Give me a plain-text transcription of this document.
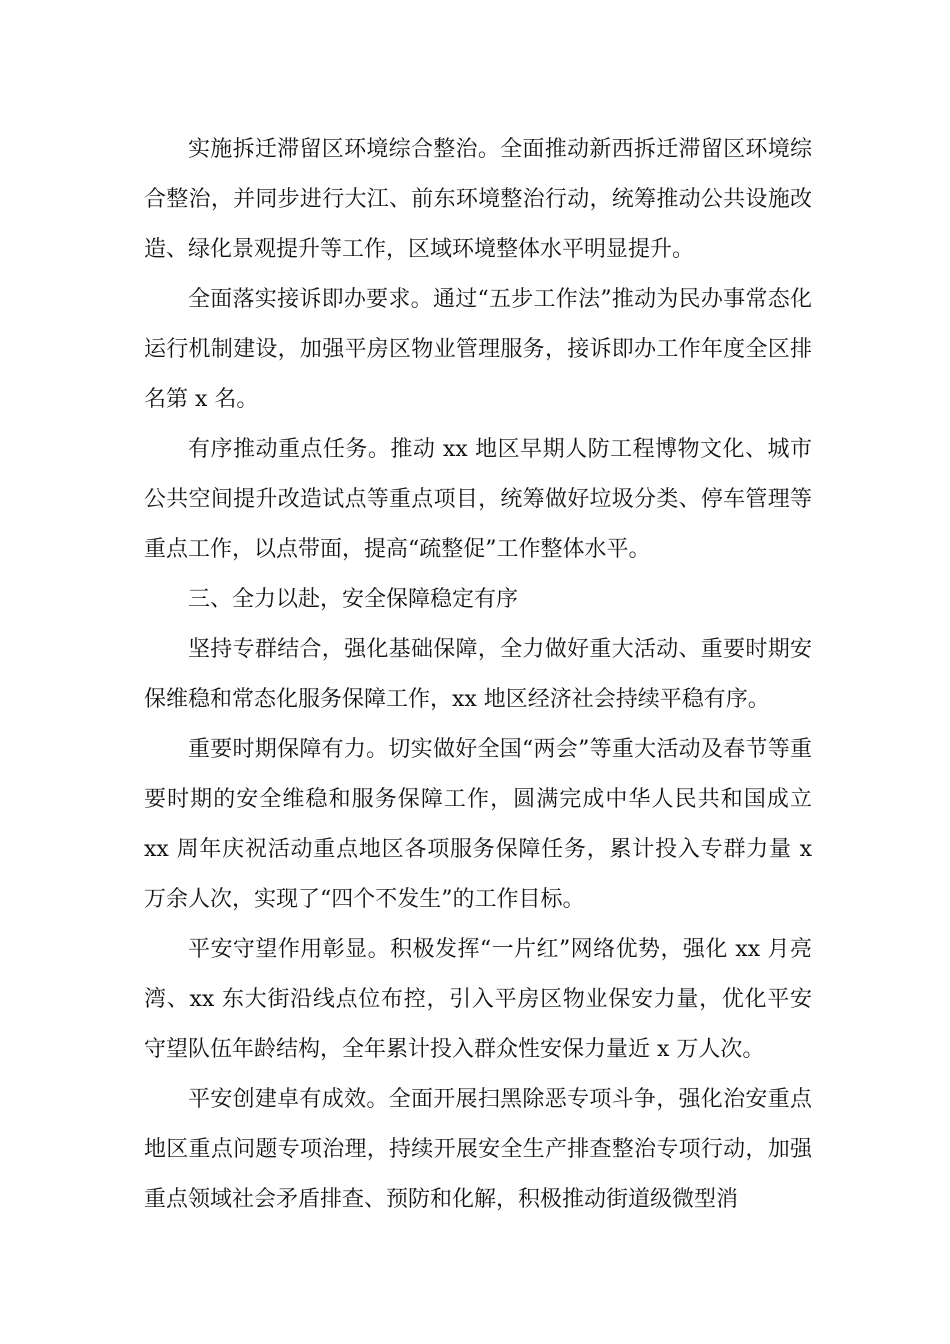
实施拆迁滞留区环境综合整治。全面推动新西拆迁滞留区环境综合整治，并同步进行大江、前东环境整治行动，统筹推动公共设施改造、绿化景观提升等工作，区域环境整体水平明显提升。

全面落实接诉即办要求。通过“五步工作法”推动为民办事常态化运行机制建设，加强平房区物业管理服务，接诉即办工作年度全区排名第 x 名。

有序推动重点任务。推动 xx 地区早期人防工程博物文化、城市公共空间提升改造试点等重点项目，统筹做好垃圾分类、停车管理等重点工作，以点带面，提高“疏整促”工作整体水平。

三、全力以赴，安全保障稳定有序

坚持专群结合，强化基础保障，全力做好重大活动、重要时期安保维稳和常态化服务保障工作，xx 地区经济社会持续平稳有序。

重要时期保障有力。切实做好全国“两会”等重大活动及春节等重要时期的安全维稳和服务保障工作，圆满完成中华人民共和国成立 xx 周年庆祝活动重点地区各项服务保障任务，累计投入专群力量 x 万余人次，实现了“四个不发生”的工作目标。

平安守望作用彰显。积极发挥“一片红”网络优势，强化 xx 月亮湾、xx 东大街沿线点位布控，引入平房区物业保安力量，优化平安守望队伍年龄结构，全年累计投入群众性安保力量近 x 万人次。

平安创建卓有成效。全面开展扫黑除恶专项斗争，强化治安重点地区重点问题专项治理，持续开展安全生产排查整治专项行动，加强重点领域社会矛盾排查、预防和化解，积极推动街道级微型消
